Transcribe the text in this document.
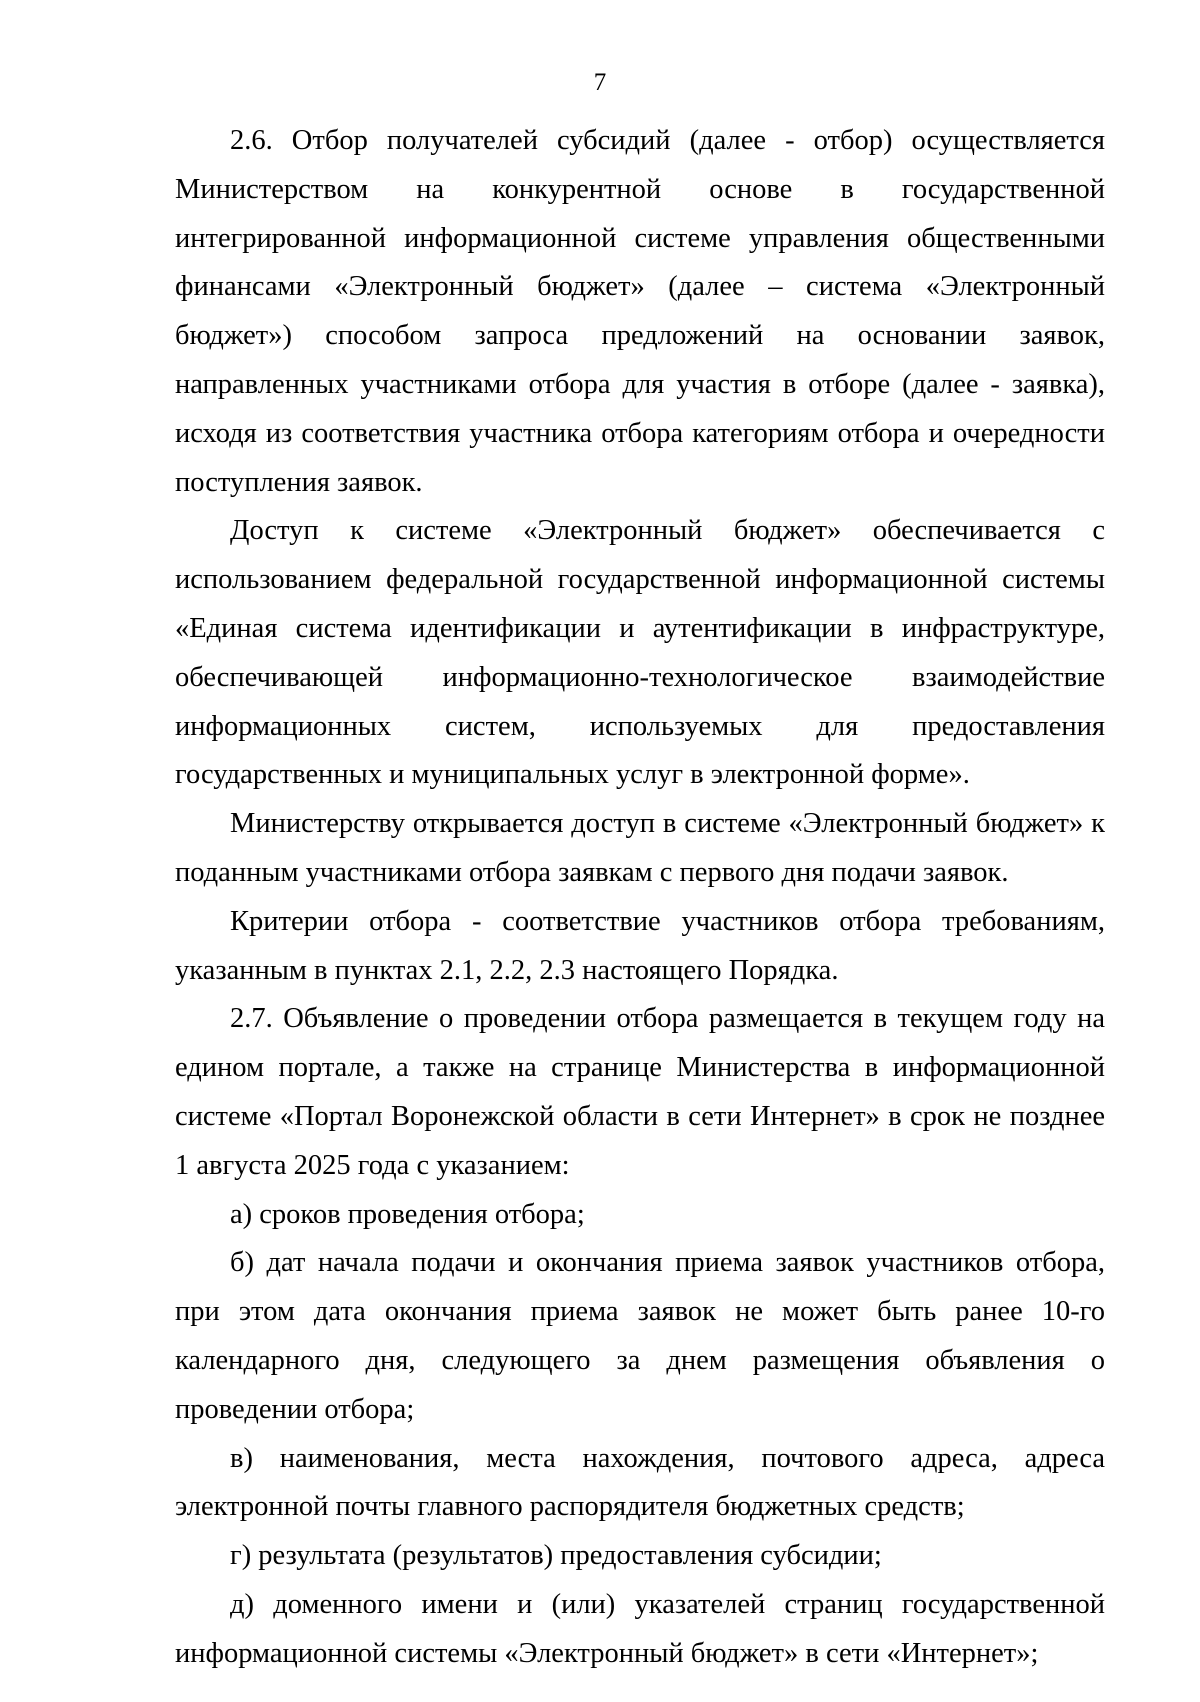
7

2.6. Отбор получателей субсидий (далее - отбор) осуществляется Министерством на конкурентной основе в государственной интегрированной информационной системе управления общественными финансами «Электронный бюджет» (далее – система «Электронный бюджет») способом запроса предложений на основании заявок, направленных участниками отбора для участия в отборе (далее - заявка), исходя из соответствия участника отбора категориям отбора и очередности поступления заявок.

Доступ к системе «Электронный бюджет» обеспечивается с использованием федеральной государственной информационной системы «Единая система идентификации и аутентификации в инфраструктуре, обеспечивающей информационно-технологическое взаимодействие информационных систем, используемых для предоставления государственных и муниципальных услуг в электронной форме».

Министерству открывается доступ в системе «Электронный бюджет» к поданным участниками отбора заявкам с первого дня подачи заявок.

Критерии отбора - соответствие участников отбора требованиям, указанным в пунктах 2.1, 2.2, 2.3 настоящего Порядка.

2.7. Объявление о проведении отбора размещается в текущем году на едином портале, а также на странице Министерства в информационной системе «Портал Воронежской области в сети Интернет» в срок не позднее 1 августа 2025 года с указанием:

а) сроков проведения отбора;

б) дат начала подачи и окончания приема заявок участников отбора, при этом дата окончания приема заявок не может быть ранее 10-го календарного дня, следующего за днем размещения объявления о проведении отбора;

в) наименования, места нахождения, почтового адреса, адреса электронной почты главного распорядителя бюджетных средств;

г) результата (результатов) предоставления субсидии;

д) доменного имени и (или) указателей страниц государственной информационной системы «Электронный бюджет» в сети «Интернет»;
